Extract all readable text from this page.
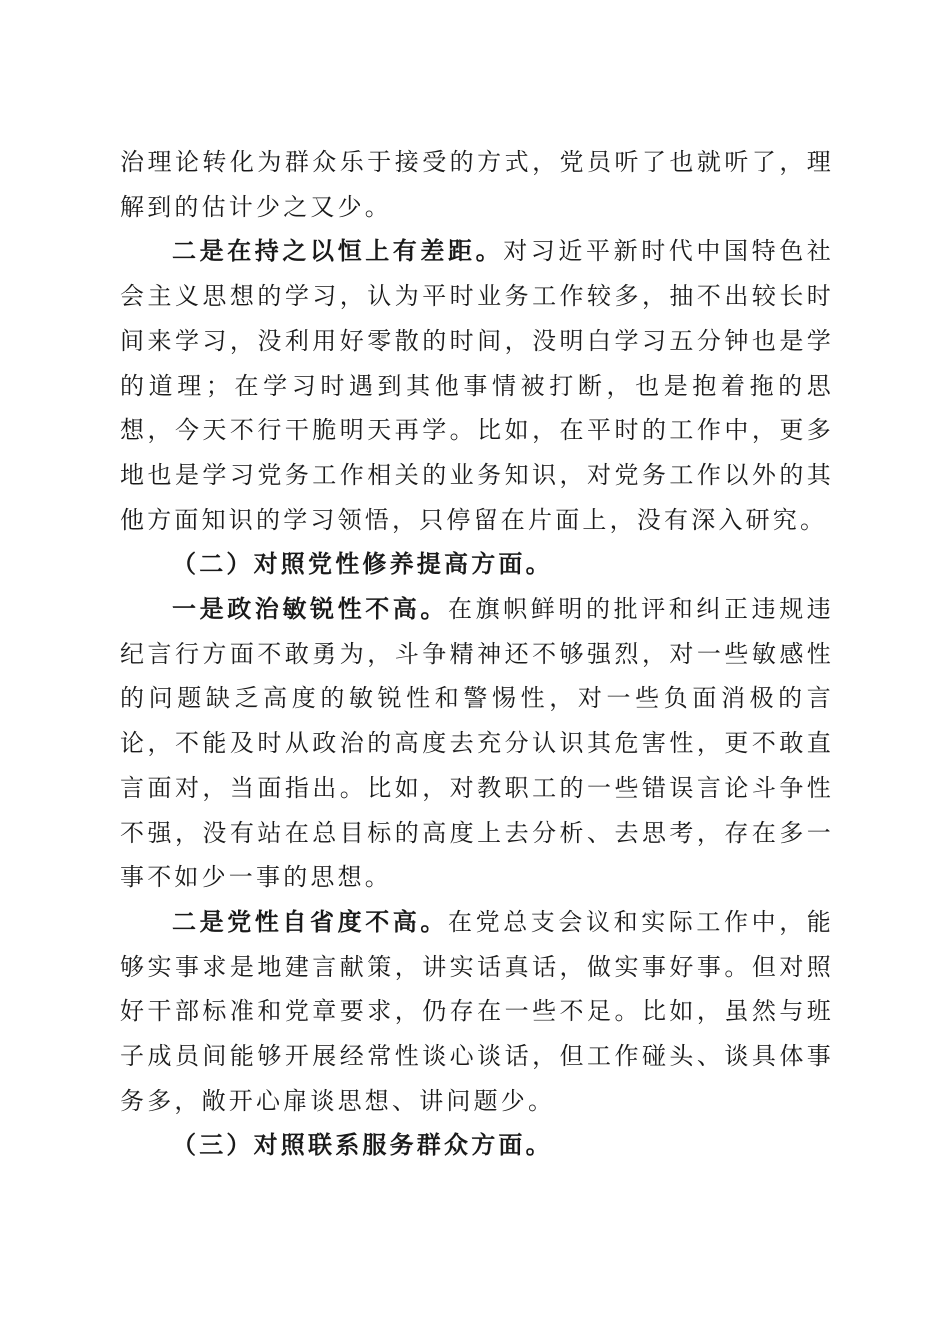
治理论转化为群众乐于接受的方式，党员听了也就听了，理解到的估计少之又少。

二是在持之以恒上有差距。对习近平新时代中国特色社会主义思想的学习，认为平时业务工作较多，抽不出较长时间来学习，没利用好零散的时间，没明白学习五分钟也是学的道理；在学习时遇到其他事情被打断，也是抱着拖的思想，今天不行干脆明天再学。比如，在平时的工作中，更多地也是学习党务工作相关的业务知识，对党务工作以外的其他方面知识的学习领悟，只停留在片面上，没有深入研究。

（二）对照党性修养提高方面。

一是政治敏锐性不高。在旗帜鲜明的批评和纠正违规违纪言行方面不敢勇为，斗争精神还不够强烈，对一些敏感性的问题缺乏高度的敏锐性和警惕性，对一些负面消极的言论，不能及时从政治的高度去充分认识其危害性，更不敢直言面对，当面指出。比如，对教职工的一些错误言论斗争性不强，没有站在总目标的高度上去分析、去思考，存在多一事不如少一事的思想。

二是党性自省度不高。在党总支会议和实际工作中，能够实事求是地建言献策，讲实话真话，做实事好事。但对照好干部标准和党章要求，仍存在一些不足。比如，虽然与班子成员间能够开展经常性谈心谈话，但工作碰头、谈具体事务多，敞开心扉谈思想、讲问题少。

（三）对照联系服务群众方面。
